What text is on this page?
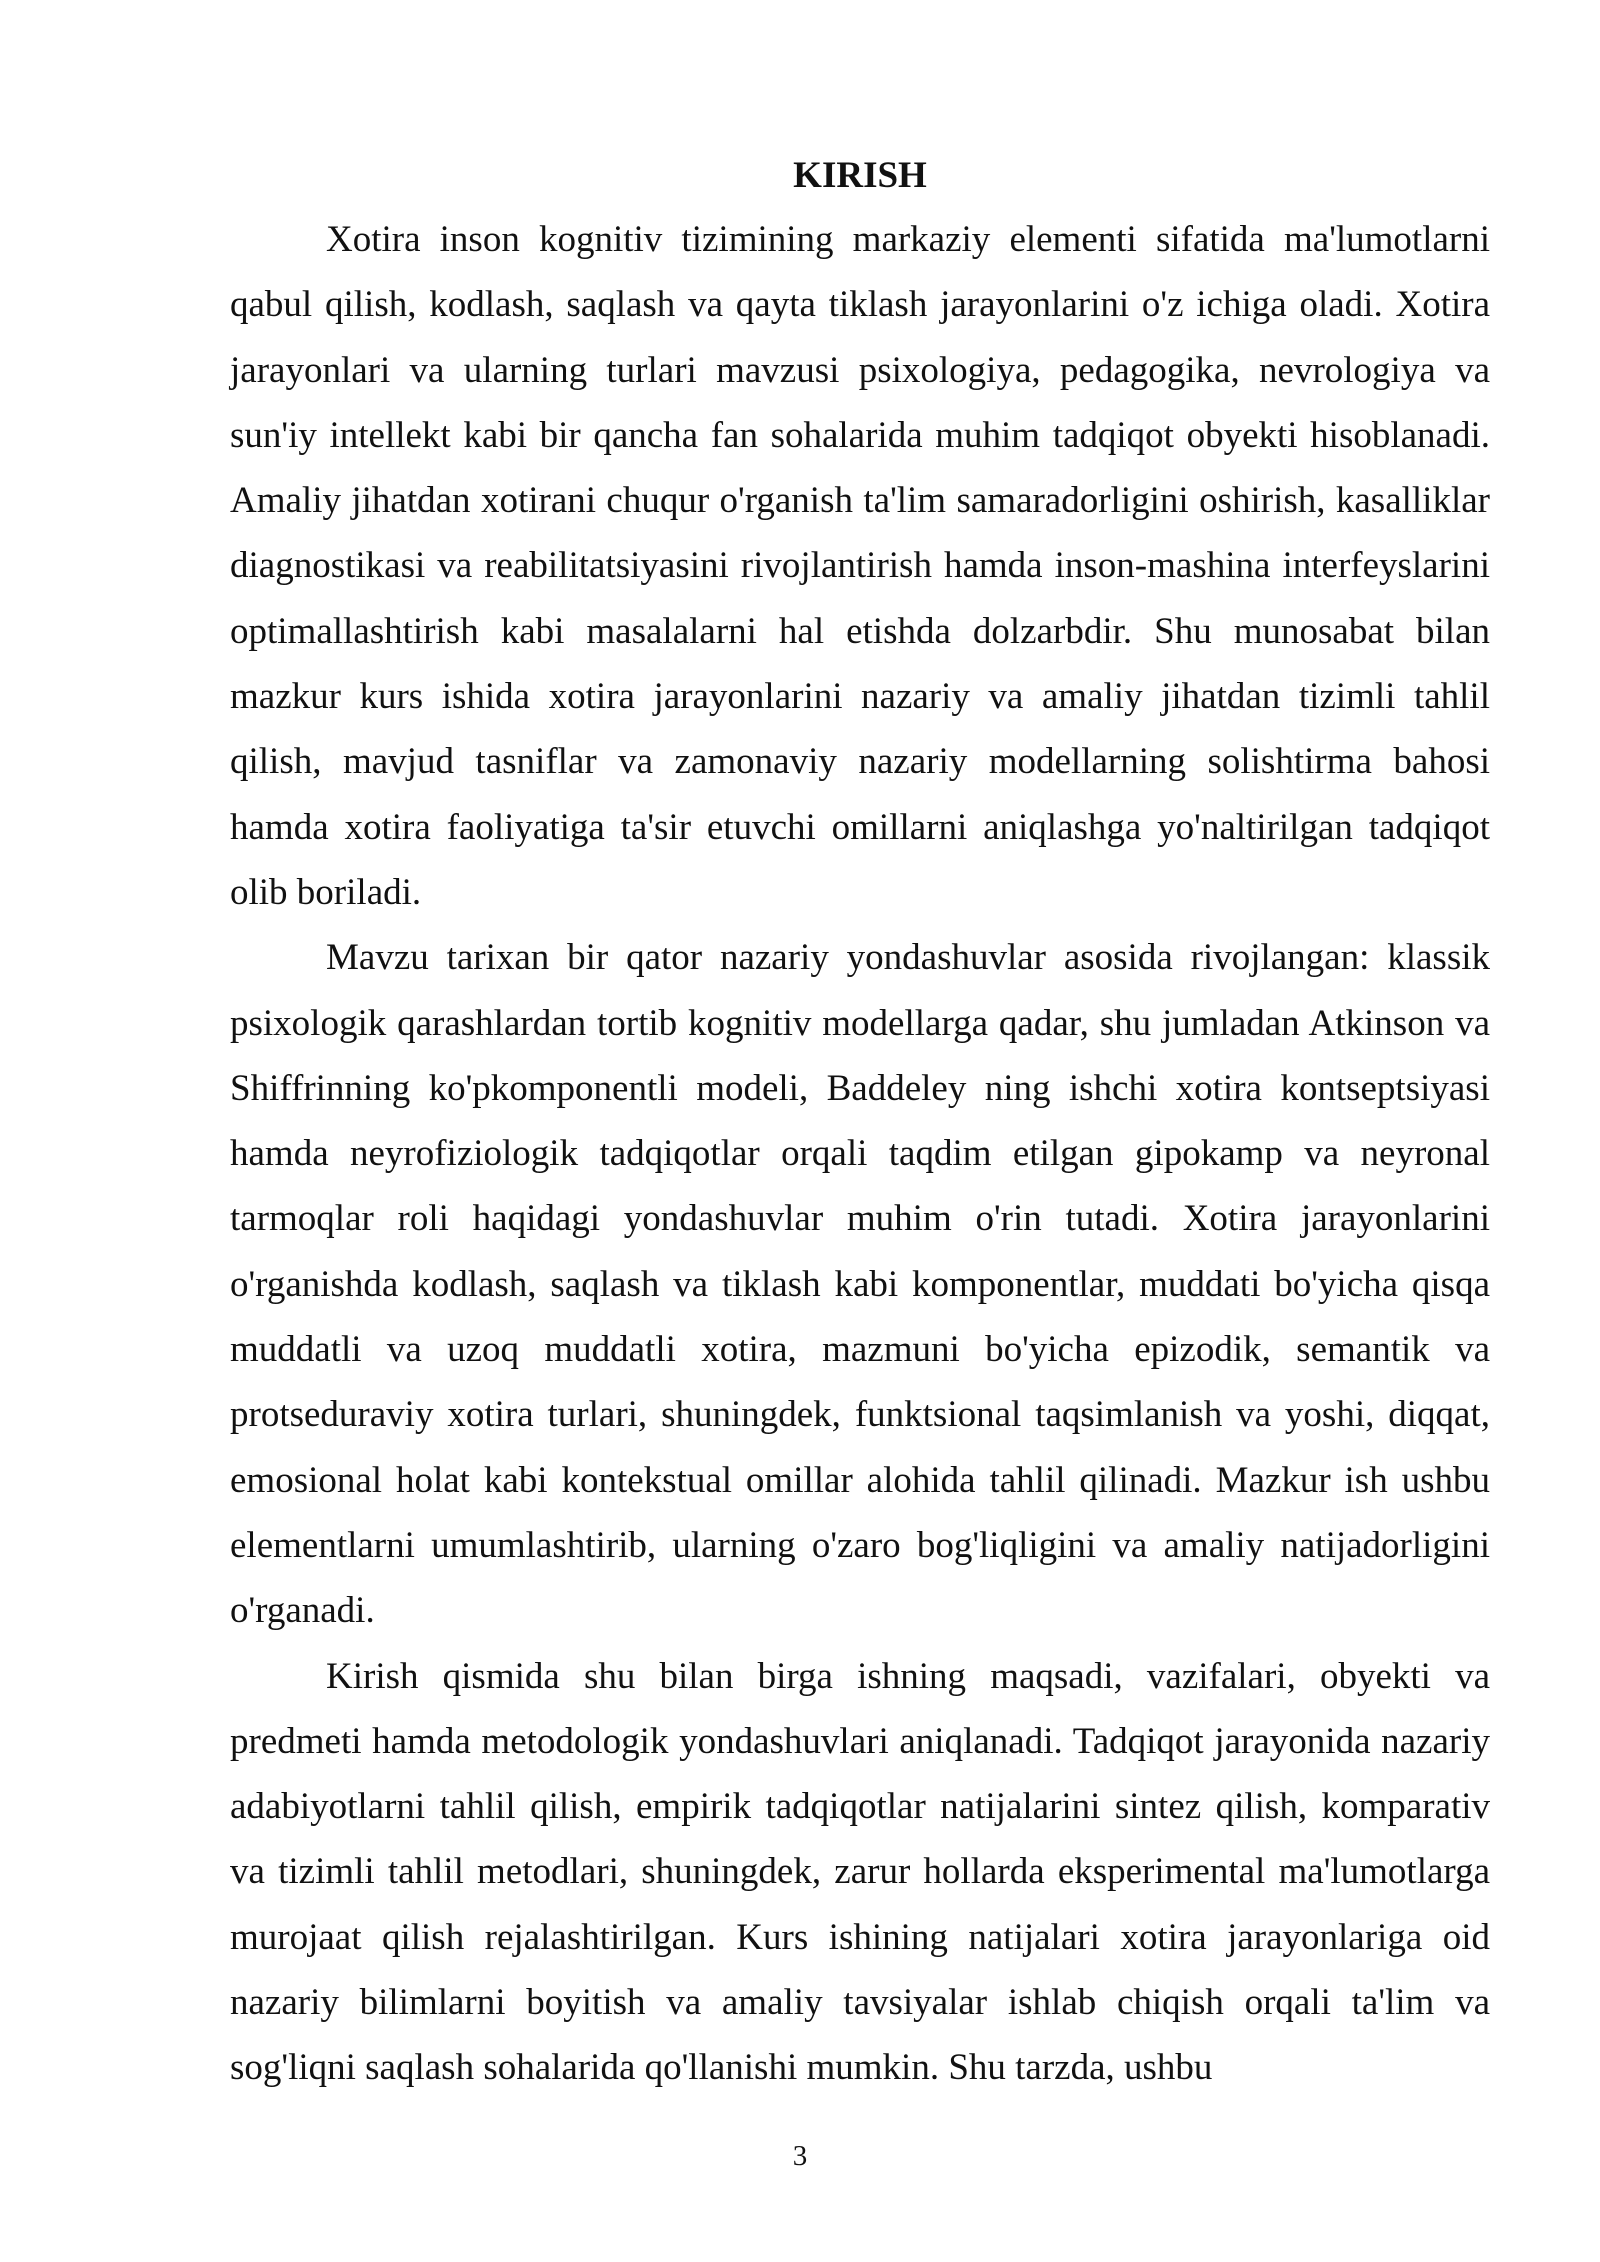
KIRISH

Xotira inson kognitiv tizimining markaziy elementi sifatida ma'lumotlarni qabul qilish, kodlash, saqlash va qayta tiklash jarayonlarini o'z ichiga oladi. Xotira jarayonlari va ularning turlari mavzusi psixologiya, pedagogika, nevrologiya va sun'iy intellekt kabi bir qancha fan sohalarida muhim tadqiqot obyekti hisoblanadi. Amaliy jihatdan xotirani chuqur o'rganish ta'lim samaradorligini oshirish, kasalliklar diagnostikasi va reabilitatsiyasini rivojlantirish hamda inson-mashina interfeyslarini optimallashtirish kabi masalalarni hal etishda dolzarbdir. Shu munosabat bilan mazkur kurs ishida xotira jarayonlarini nazariy va amaliy jihatdan tizimli tahlil qilish, mavjud tasniflar va zamonaviy nazariy modellarning solishtirma bahosi hamda xotira faoliyatiga ta'sir etuvchi omillarni aniqlashga yo'naltirilgan tadqiqot olib boriladi.

Mavzu tarixan bir qator nazariy yondashuvlar asosida rivojlangan: klassik psixologik qarashlardan tortib kognitiv modellarga qadar, shu jumladan Atkinson va Shiffrinning ko'pkomponentli modeli, Baddeley ning ishchi xotira kontseptsiyasi hamda neyrofiziologik tadqiqotlar orqali taqdim etilgan gipokamp va neyronal tarmoqlar roli haqidagi yondashuvlar muhim o'rin tutadi. Xotira jarayonlarini o'rganishda kodlash, saqlash va tiklash kabi komponentlar, muddati bo'yicha qisqa muddatli va uzoq muddatli xotira, mazmuni bo'yicha epizodik, semantik va protseduraviy xotira turlari, shuningdek, funktsional taqsimlanish va yoshi, diqqat, emosional holat kabi kontekstual omillar alohida tahlil qilinadi. Mazkur ish ushbu elementlarni umumlashtirib, ularning o'zaro bog'liqligini va amaliy natijadorligini o'rganadi.

Kirish qismida shu bilan birga ishning maqsadi, vazifalari, obyekti va predmeti hamda metodologik yondashuvlari aniqlanadi. Tadqiqot jarayonida nazariy adabiyotlarni tahlil qilish, empirik tadqiqotlar natijalarini sintez qilish, komparativ va tizimli tahlil metodlari, shuningdek, zarur hollarda eksperimental ma'lumotlarga murojaat qilish rejalashtirilgan. Kurs ishining natijalari xotira jarayonlariga oid nazariy bilimlarni boyitish va amaliy tavsiyalar ishlab chiqish orqali ta'lim va sog'liqni saqlash sohalarida qo'llanishi mumkin. Shu tarzda, ushbu

3
